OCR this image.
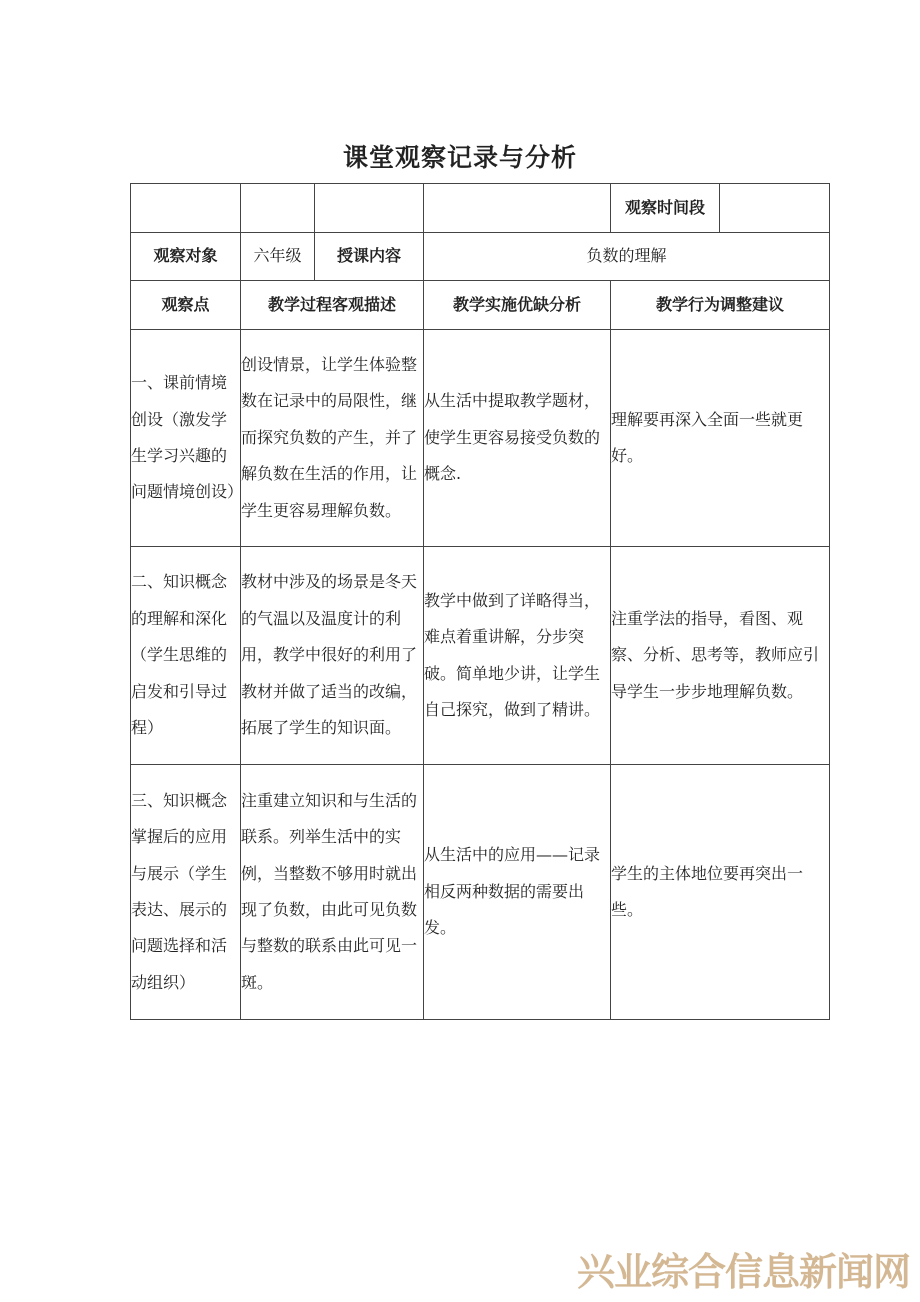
课堂观察记录与分析
				观察时间段	
观察对象	六年级	授课内容	负数的理解		
观察点	教学过程客观描述		教学实施优缺分析	教学行为调整建议	
一、课前情境创设（激发学生学习兴趣的问题情境创设）	创设情景，让学生体验整数在记录中的局限性，继而探究负数的产生，并了解负数在生活的作用，让学生更容易理解负数。		从生活中提取教学题材，使学生更容易接受负数的概念.	理解要再深入全面一些就更好。	
二、知识概念的理解和深化（学生思维的启发和引导过程）	教材中涉及的场景是冬天的气温以及温度计的利用，教学中很好的利用了教材并做了适当的改编，拓展了学生的知识面。		教学中做到了详略得当，难点着重讲解，分步突破。简单地少讲，让学生自己探究，做到了精讲。	注重学法的指导，看图、观察、分析、思考等，教师应引导学生一步步地理解负数。	
三、知识概念掌握后的应用与展示（学生表达、展示的问题选择和活动组织）	注重建立知识和与生活的联系。列举生活中的实例，当整数不够用时就出现了负数，由此可见负数与整数的联系由此可见一斑。		从生活中的应用——记录相反两种数据的需要出发。	学生的主体地位要再突出一些。	
兴业综合信息新闻网
